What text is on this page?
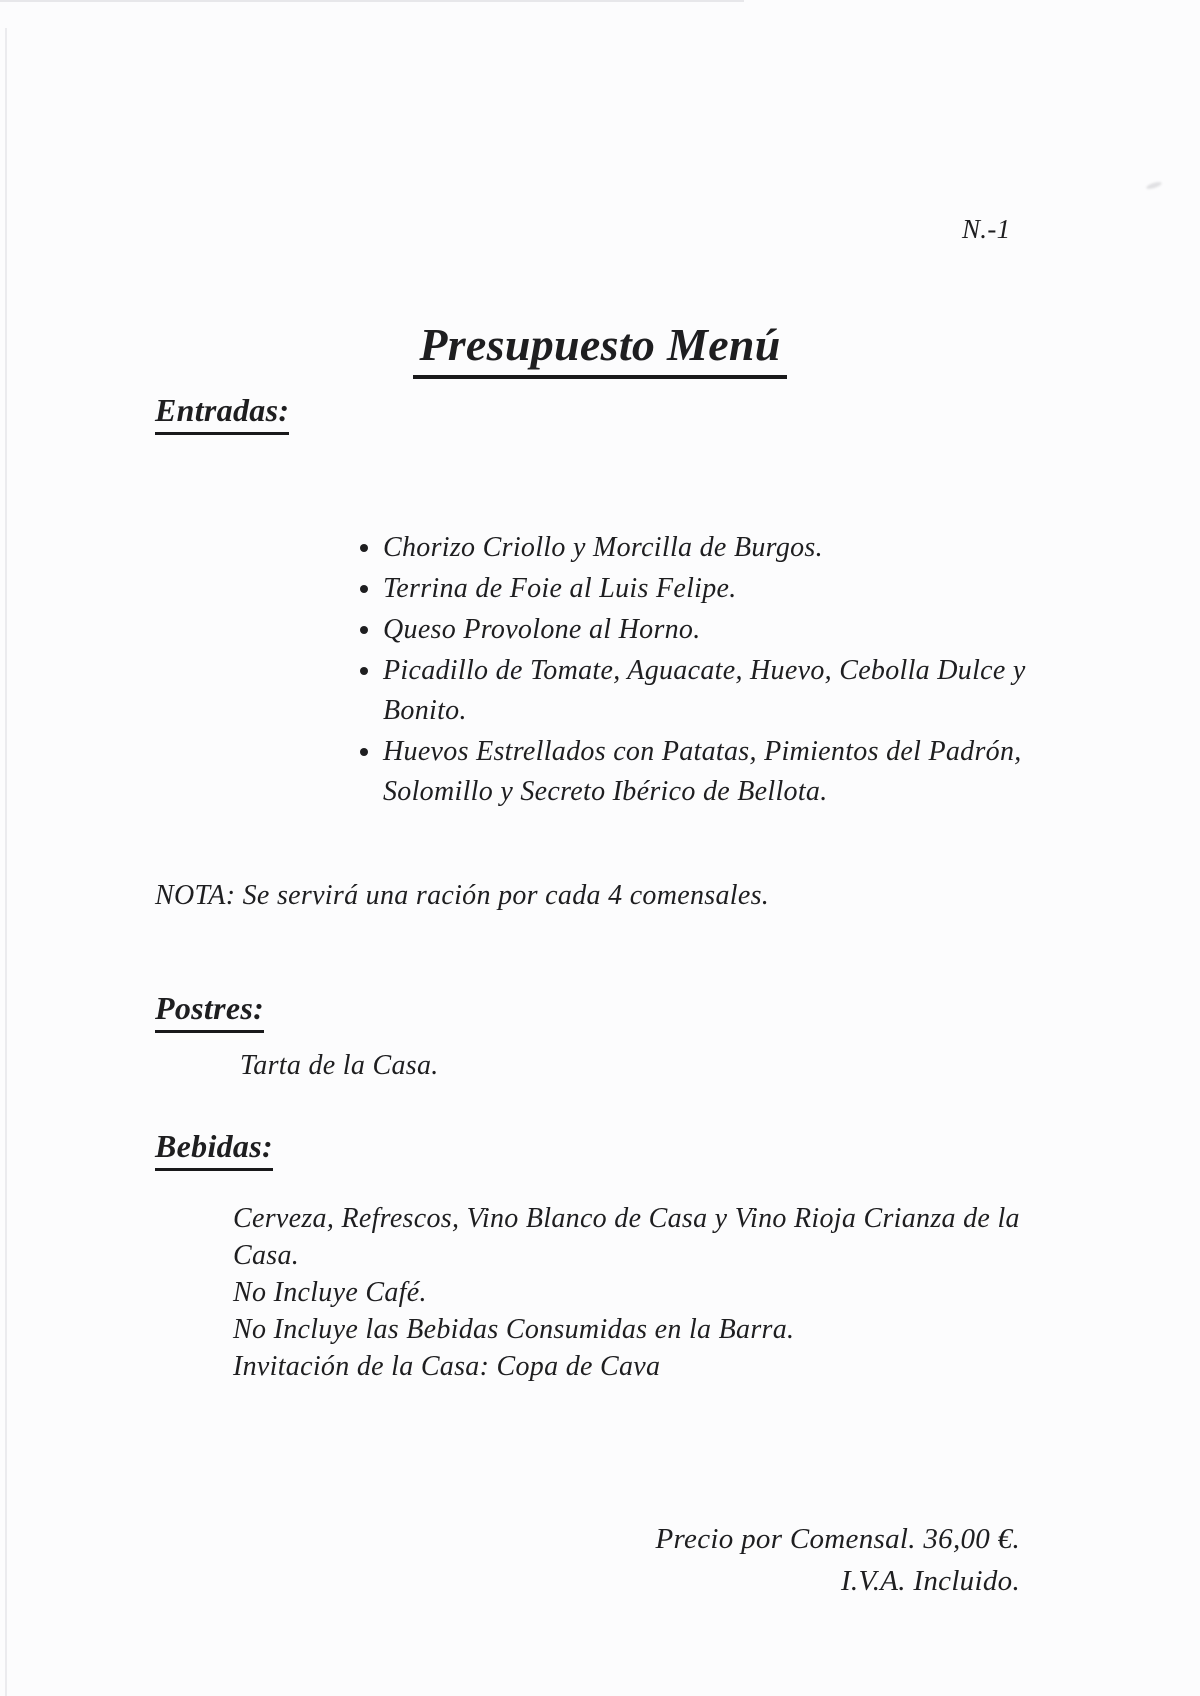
N.-1
Presupuesto Menú
Entradas:
• Chorizo Criollo y Morcilla de Burgos.
• Terrina de Foie al Luis Felipe.
• Queso Provolone al Horno.
• Picadillo de Tomate, Aguacate, Huevo, Cebolla Dulce y Bonito.
• Huevos Estrellados con Patatas, Pimientos del Padrón, Solomillo y Secreto Ibérico de Bellota.
NOTA: Se servirá una ración por cada 4 comensales.
Postres:
Tarta de la Casa.
Bebidas:
Cerveza, Refrescos, Vino Blanco de Casa y Vino Rioja Crianza de la Casa.
No Incluye Café.
No Incluye las Bebidas Consumidas en la Barra.
Invitación de la Casa: Copa de Cava
Precio por Comensal. 36,00 €.
I.V.A. Incluido.
